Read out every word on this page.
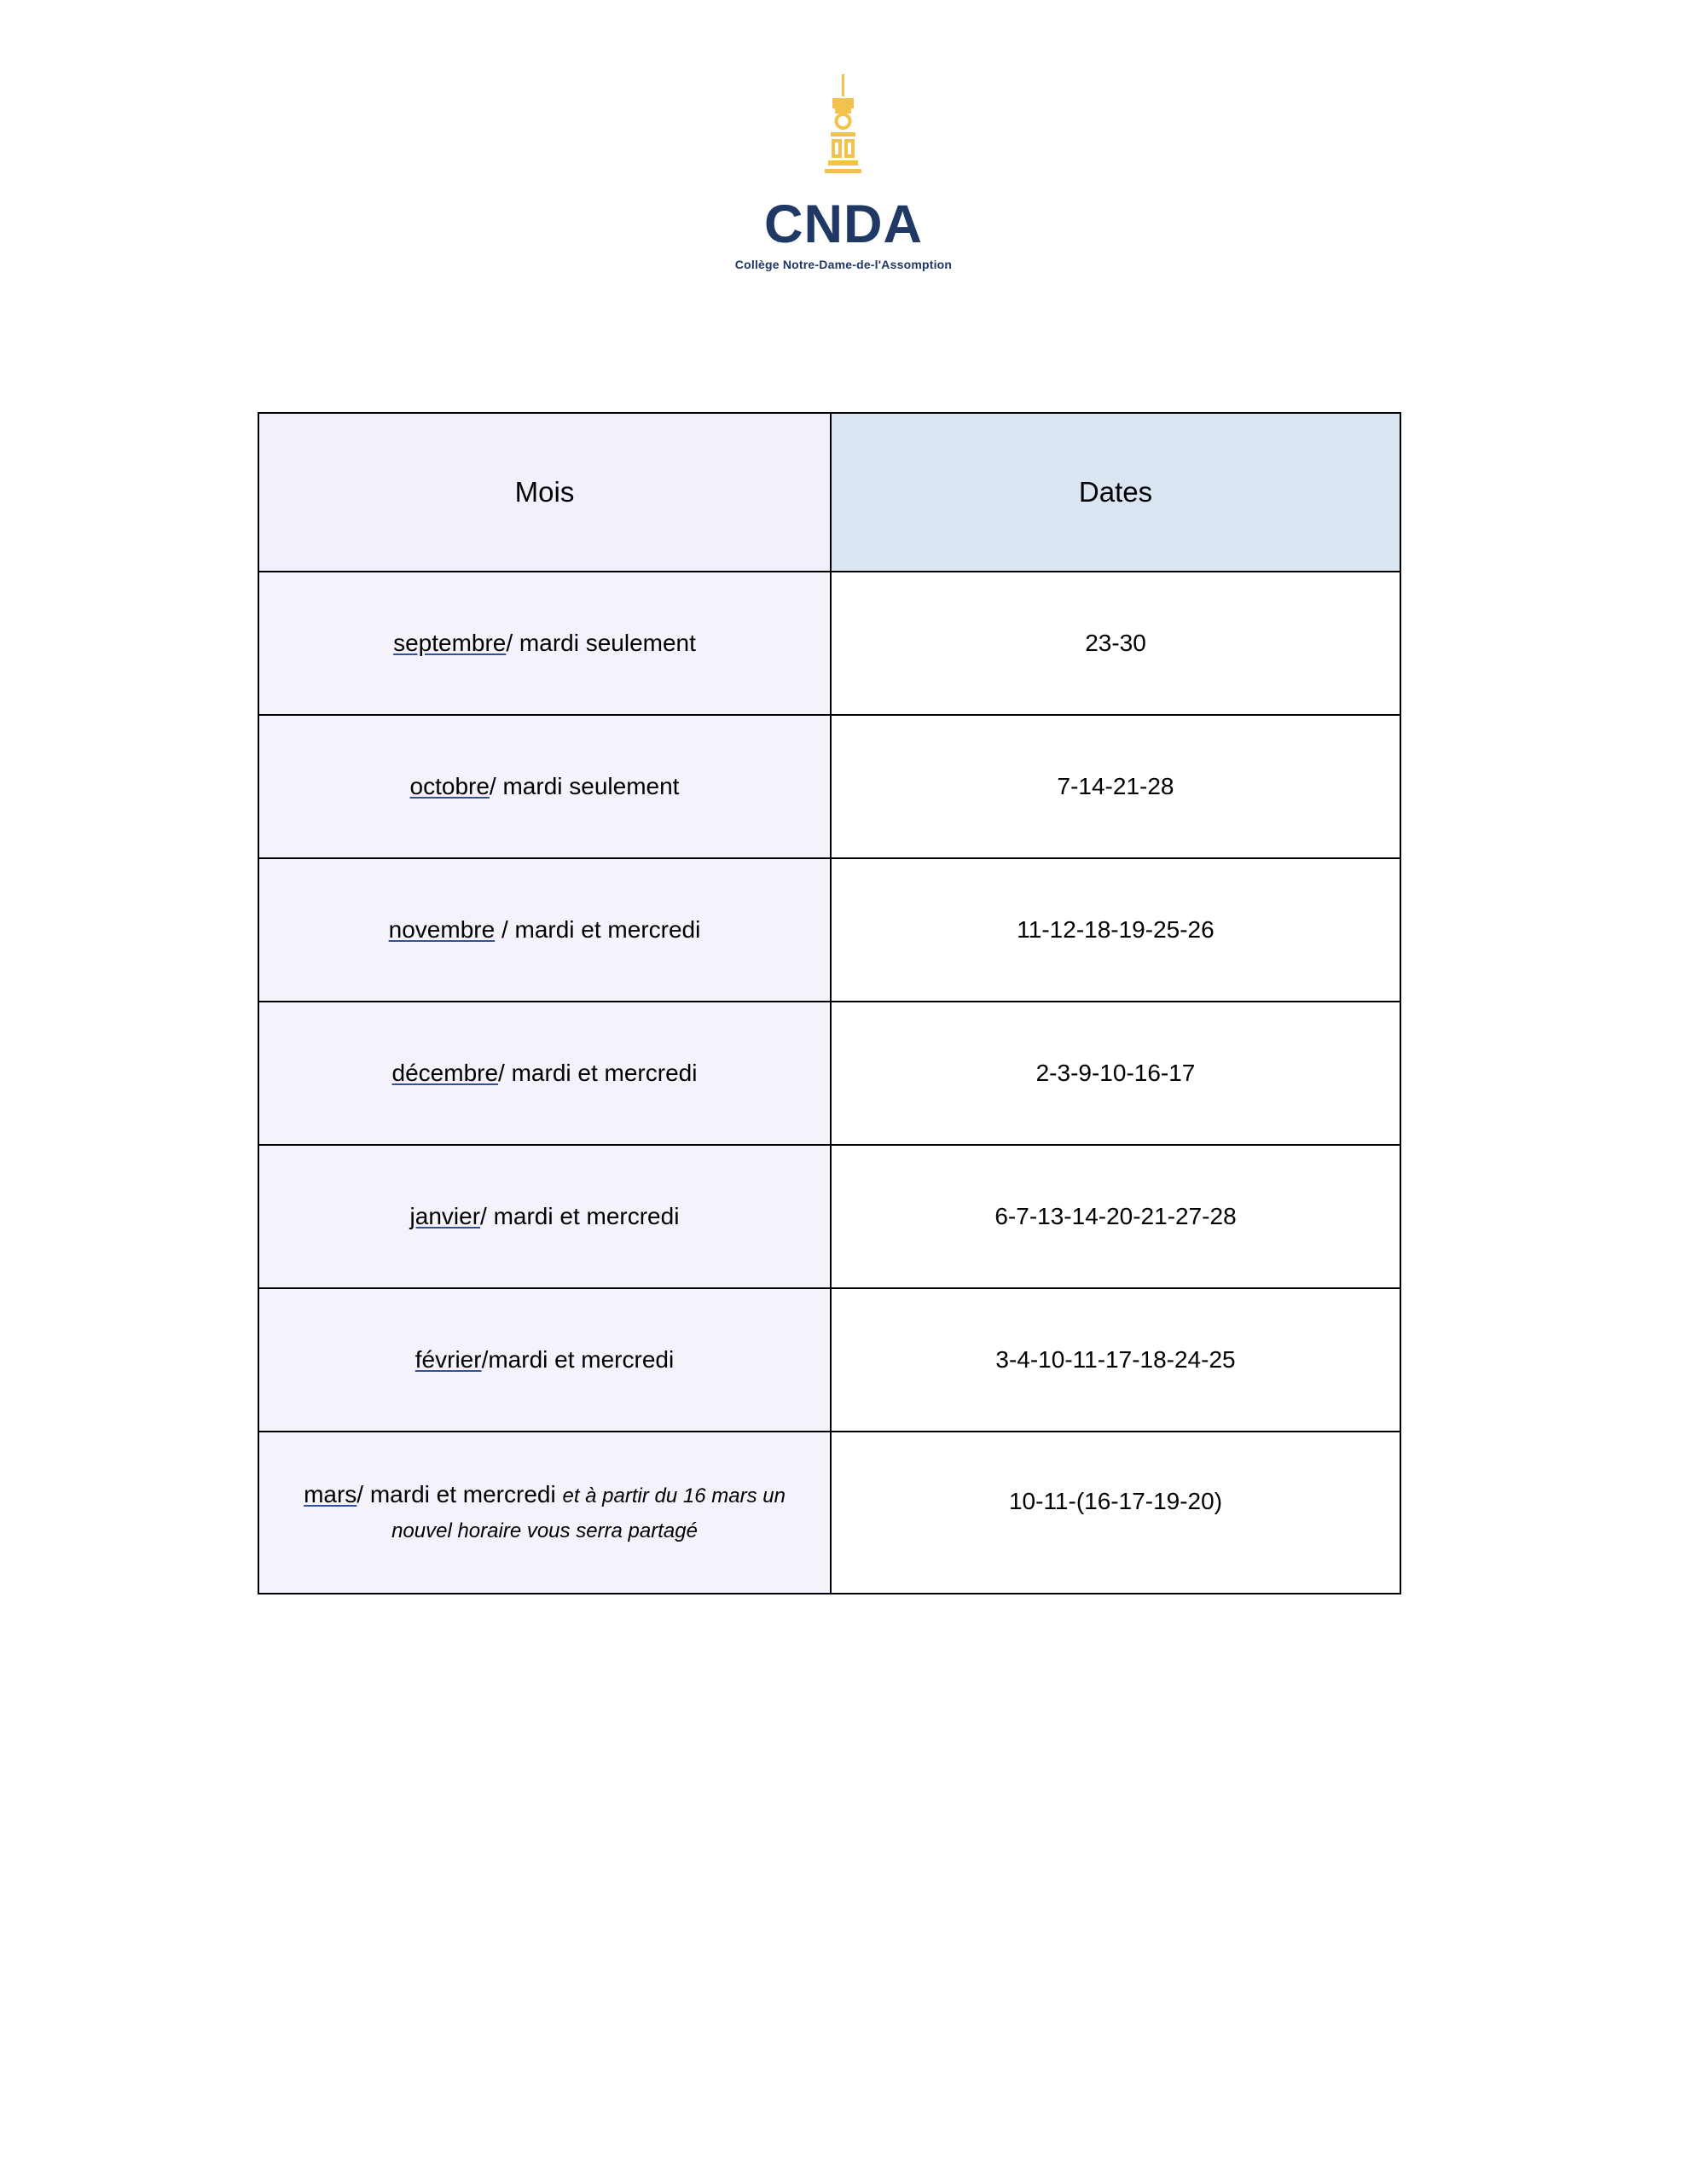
CNDA
Collège Notre-Dame-de-l'Assomption
Mois	Dates
septembre/ mardi seulement	23-30
octobre/ mardi seulement	7-14-21-28
novembre / mardi et mercredi	11-12-18-19-25-26
décembre/ mardi et mercredi	2-3-9-10-16-17
janvier/ mardi et mercredi	6-7-13-14-20-21-27-28
février/mardi et mercredi	3-4-10-11-17-18-24-25
mars/ mardi et mercredi et à partir du 16 mars un nouvel horaire vous serra partagé	10-11-(16-17-19-20)
